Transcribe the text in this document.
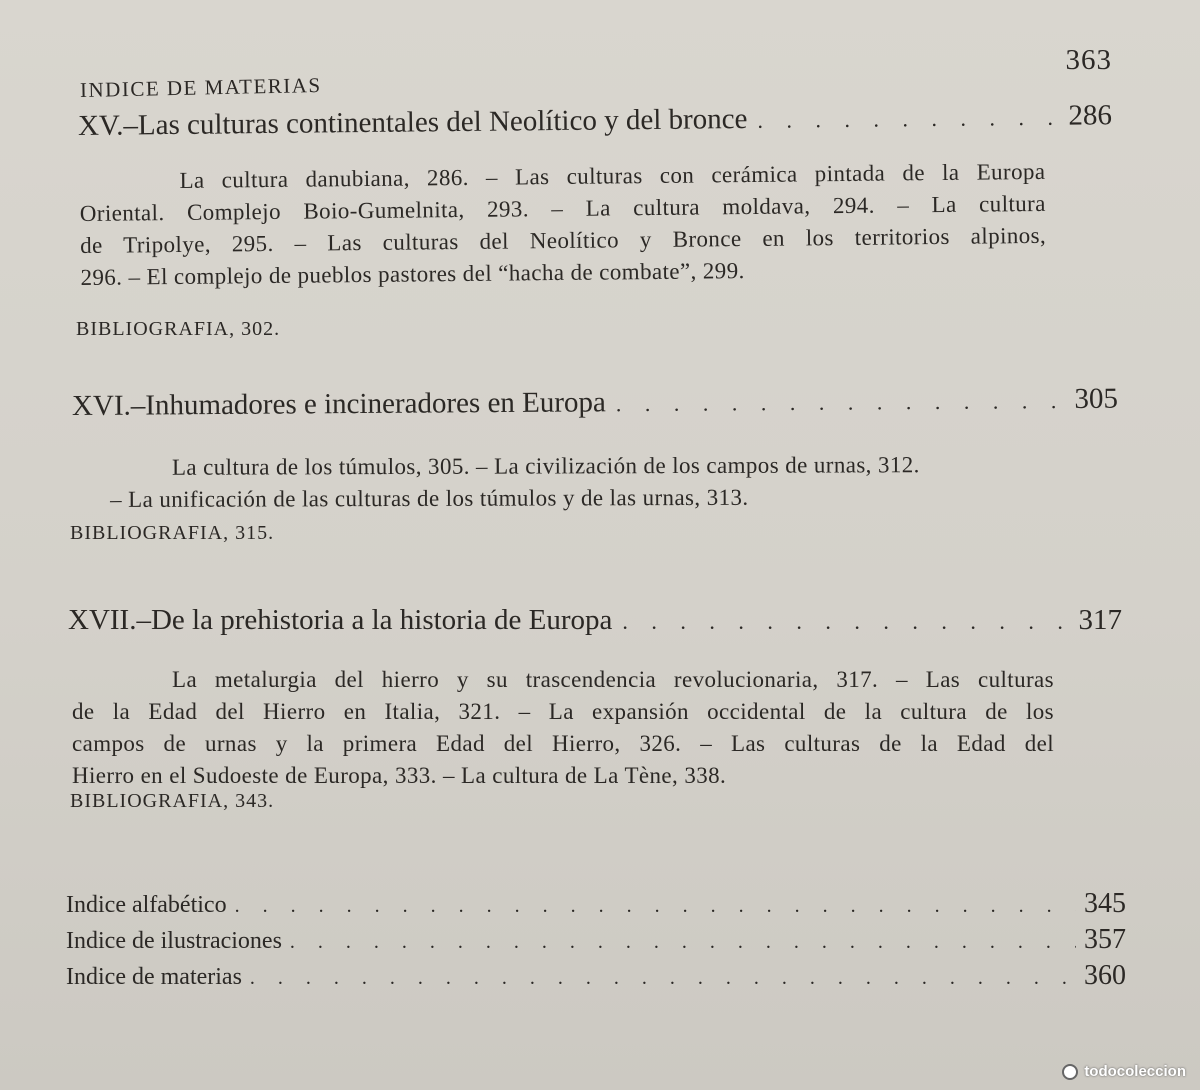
363
INDICE DE MATERIAS
XV.–Las culturas continentales del Neolítico y del bronce . . .	286
La cultura danubiana, 286. – Las culturas con cerámica pintada de la Europa
Oriental. Complejo Boio-Gumelnita, 293. – La cultura moldava, 294. – La cultura
de Tripolye, 295. – Las culturas del Neolítico y Bronce en los territorios alpinos,
296. – El complejo de pueblos pastores del “hacha de combate”, 299.
BIBLIOGRAFIA, 302.
XVI.–Inhumadores e incineradores en Europa . . .	305
La cultura de los túmulos, 305. – La civilización de los campos de urnas, 312.
– La unificación de las culturas de los túmulos y de las urnas, 313.
BIBLIOGRAFIA, 315.
XVII.–De la prehistoria a la historia de Europa . . .	317
La metalurgia del hierro y su trascendencia revolucionaria, 317. – Las culturas
de la Edad del Hierro en Italia, 321. – La expansión occidental de la cultura de los
campos de urnas y la primera Edad del Hierro, 326. – Las culturas de la Edad del
Hierro en el Sudoeste de Europa, 333. – La cultura de La Tène, 338.
BIBLIOGRAFIA, 343.
Indice alfabético . . .	345
Indice de ilustraciones . . .	357
Indice de materias . . .	360
todocoleccion
